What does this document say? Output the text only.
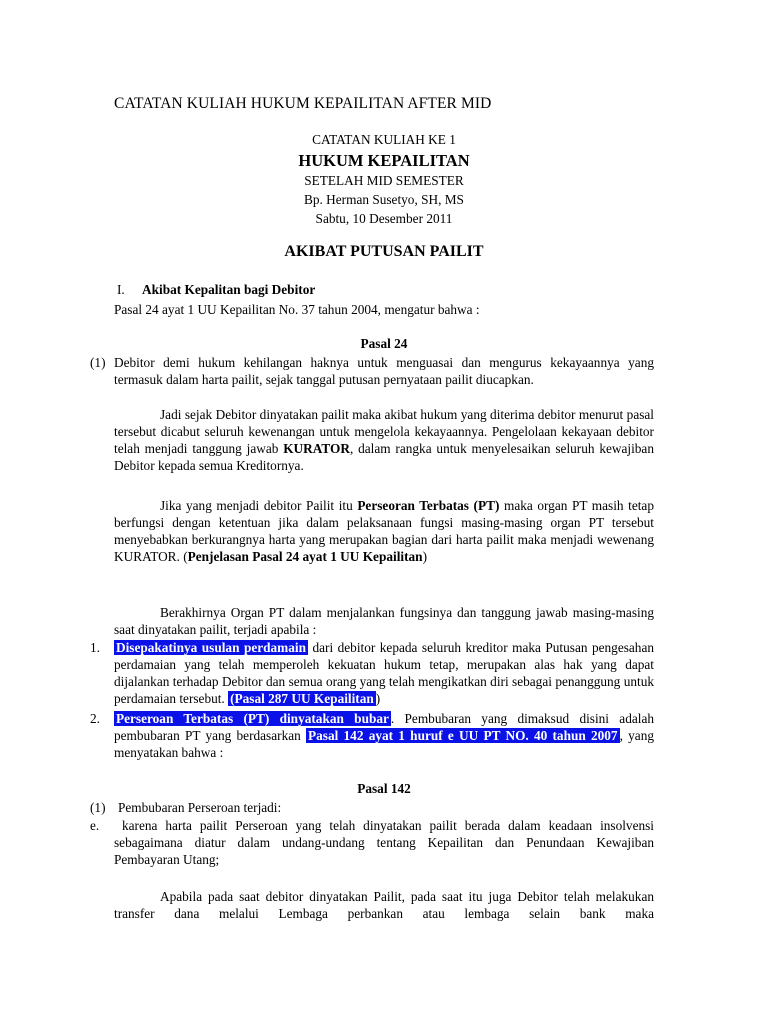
CATATAN KULIAH HUKUM KEPAILITAN AFTER MID
CATATAN KULIAH KE 1
HUKUM KEPAILITAN
SETELAH MID SEMESTER
Bp. Herman Susetyo, SH, MS
Sabtu, 10 Desember 2011
AKIBAT PUTUSAN PAILIT
I. Akibat Kepalitan bagi Debitor
Pasal 24 ayat 1 UU Kepailitan No. 37 tahun 2004, mengatur bahwa :
Pasal 24
(1) Debitor demi hukum kehilangan haknya untuk menguasai dan mengurus kekayaannya yang termasuk dalam harta pailit, sejak tanggal putusan pernyataan pailit diucapkan.
Jadi sejak Debitor dinyatakan pailit maka akibat hukum yang diterima debitor menurut pasal tersebut dicabut seluruh kewenangan untuk mengelola kekayaannya. Pengelolaan kekayaan debitor telah menjadi tanggung jawab KURATOR, dalam rangka untuk menyelesaikan seluruh kewajiban Debitor kepada semua Kreditornya.
Jika yang menjadi debitor Pailit itu Perseoran Terbatas (PT) maka organ PT masih tetap berfungsi dengan ketentuan jika dalam pelaksanaan fungsi masing-masing organ PT tersebut menyebabkan berkurangnya harta yang merupakan bagian dari harta pailit maka menjadi wewenang KURATOR. (Penjelasan Pasal 24 ayat 1 UU Kepailitan)
Berakhirnya Organ PT dalam menjalankan fungsinya dan tanggung jawab masing-masing saat dinyatakan pailit, terjadi apabila :
1. Disepakatinya usulan perdamain dari debitor kepada seluruh kreditor maka Putusan pengesahan perdamaian yang telah memperoleh kekuatan hukum tetap, merupakan alas hak yang dapat dijalankan terhadap Debitor dan semua orang yang telah mengikatkan diri sebagai penanggung untuk perdamaian tersebut. (Pasal 287 UU Kepailitan )
2. Perseroan Terbatas (PT) dinyatakan bubar . Pembubaran yang dimaksud disini adalah pembubaran PT yang berdasarkan Pasal 142 ayat 1 huruf e UU PT NO. 40 tahun 2007 , yang menyatakan bahwa :
Pasal 142
(1) Pembubaran Perseroan terjadi:
e.	karena harta pailit Perseroan yang telah dinyatakan pailit berada dalam keadaan insolvensi sebagaimana diatur dalam undang-undang tentang Kepailitan dan Penundaan Kewajiban Pembayaran Utang;
Apabila pada saat debitor dinyatakan Pailit, pada saat itu juga Debitor telah melakukan transfer dana melalui Lembaga perbankan atau lembaga selain bank maka
